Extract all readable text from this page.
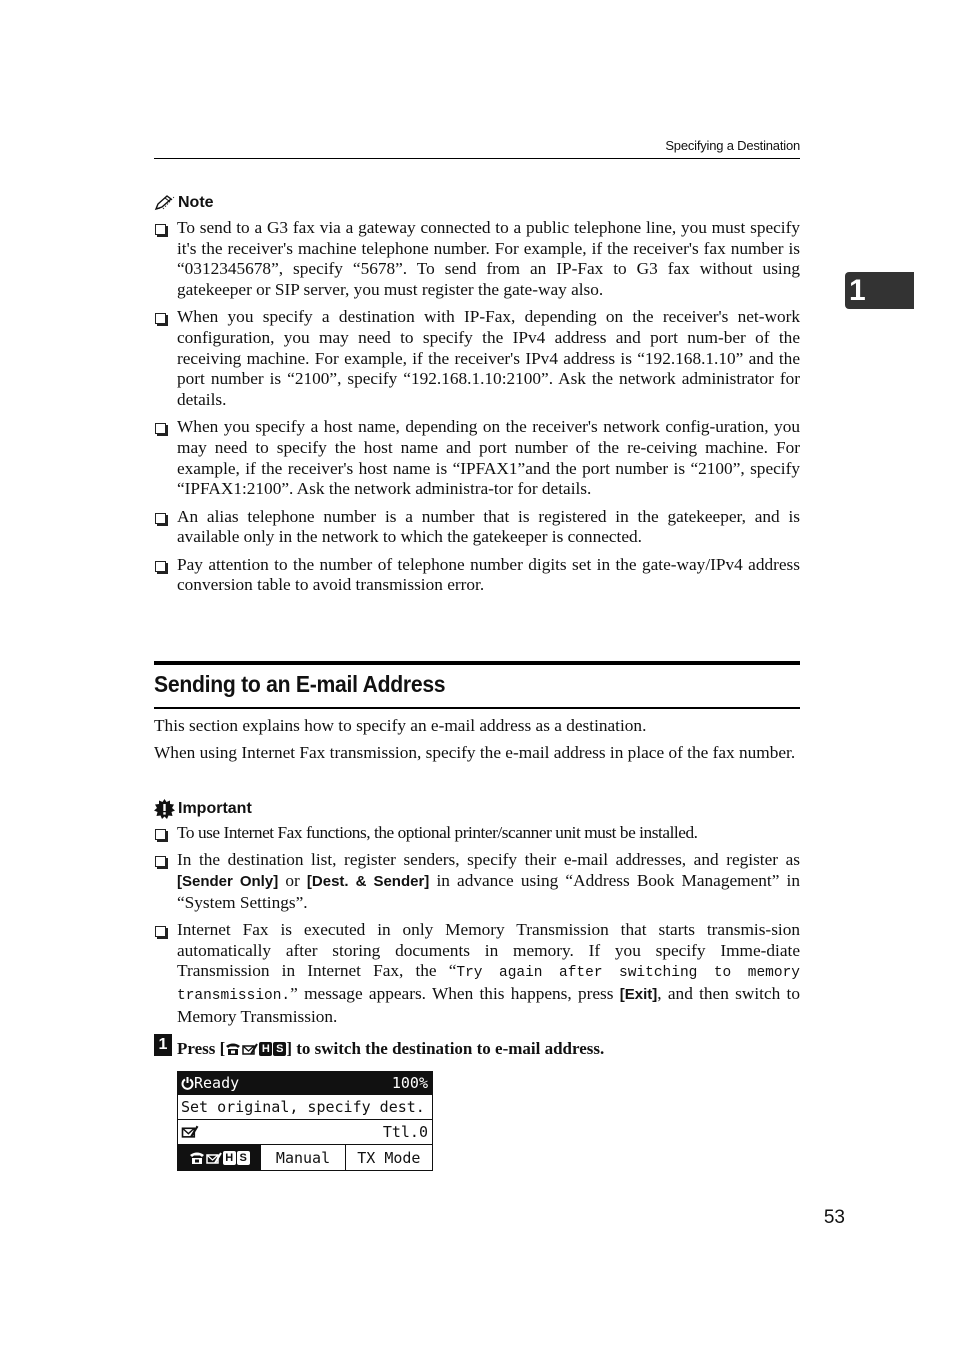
Specifying a Destination
1
Note
To send to a G3 fax via a gateway connected to a public telephone line, you must specify it's the receiver's machine telephone number. For example, if the receiver's fax number is “0312345678”, specify “5678”. To send from an IP-Fax to G3 fax without using gatekeeper or SIP server, you must register the gate-way also.
When you specify a destination with IP-Fax, depending on the receiver's net-work configuration, you may need to specify the IPv4 address and port num-ber of the receiving machine. For example, if the receiver's IPv4 address is “192.168.1.10” and the port number is “2100”, specify “192.168.1.10:2100”. Ask the network administrator for details.
When you specify a host name, depending on the receiver's network config-uration, you may need to specify the host name and port number of the re-ceiving machine. For example, if the receiver's host name is “IPFAX1”and the port number is “2100”, specify “IPFAX1:2100”. Ask the network administra-tor for details.
An alias telephone number is a number that is registered in the gatekeeper, and is available only in the network to which the gatekeeper is connected.
Pay attention to the number of telephone number digits set in the gate-way/IPv4 address conversion table to avoid transmission error.
Sending to an E-mail Address

This section explains how to specify an e-mail address as a destination.

When using Internet Fax transmission, specify the e-mail address in place of the fax number.

Important
To use Internet Fax functions, the optional printer/scanner unit must be installed.
In the destination list, register senders, specify their e-mail addresses, and register as [Sender Only] or [Dest. & Sender] in advance using “Address Book Management” in “System Settings”.
Internet Fax is executed in only Memory Transmission that starts transmis-sion automatically after storing documents in memory. If you specify Imme-diate Transmission in Internet Fax, the “Try again after switching to memory transmission.” message appears. When this happens, press [Exit], and then switch to Memory Transmission.
1 Press [	H S ] to switch the destination to e-mail address.
Ready	100%
Set original, specify dest.
Ttl.0
H S	Manual	TX Mode
53
